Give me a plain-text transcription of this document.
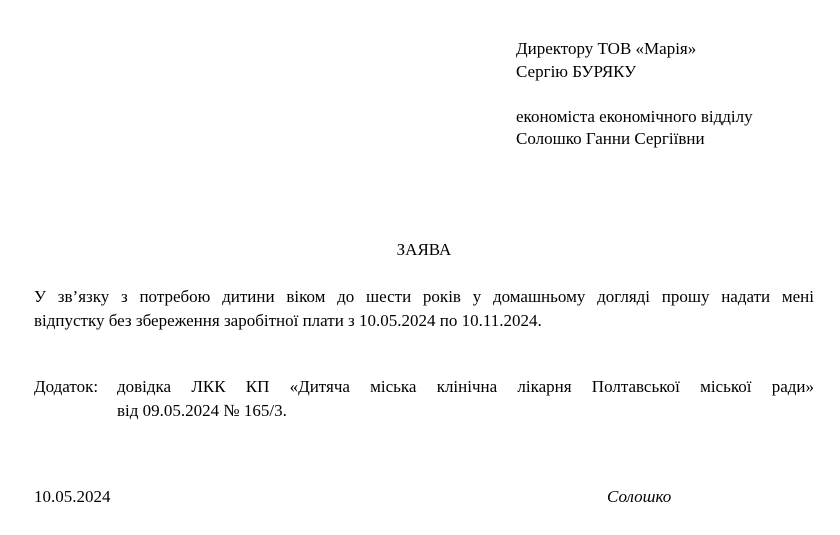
Директору ТОВ «Марія»
Сергію БУРЯКУ
економіста економічного відділу
Солошко Ганни Сергіївни
ЗАЯВА
У зв’язку з потребою дитини віком до шести років у домашньому догляді прошу надати мені
відпустку без збереження заробітної плати з 10.05.2024 по 10.11.2024.
Додаток: довідка ЛКК КП «Дитяча міська клінічна лікарня Полтавської міської ради»
від 09.05.2024 № 165/3.
10.05.2024	Солошко
